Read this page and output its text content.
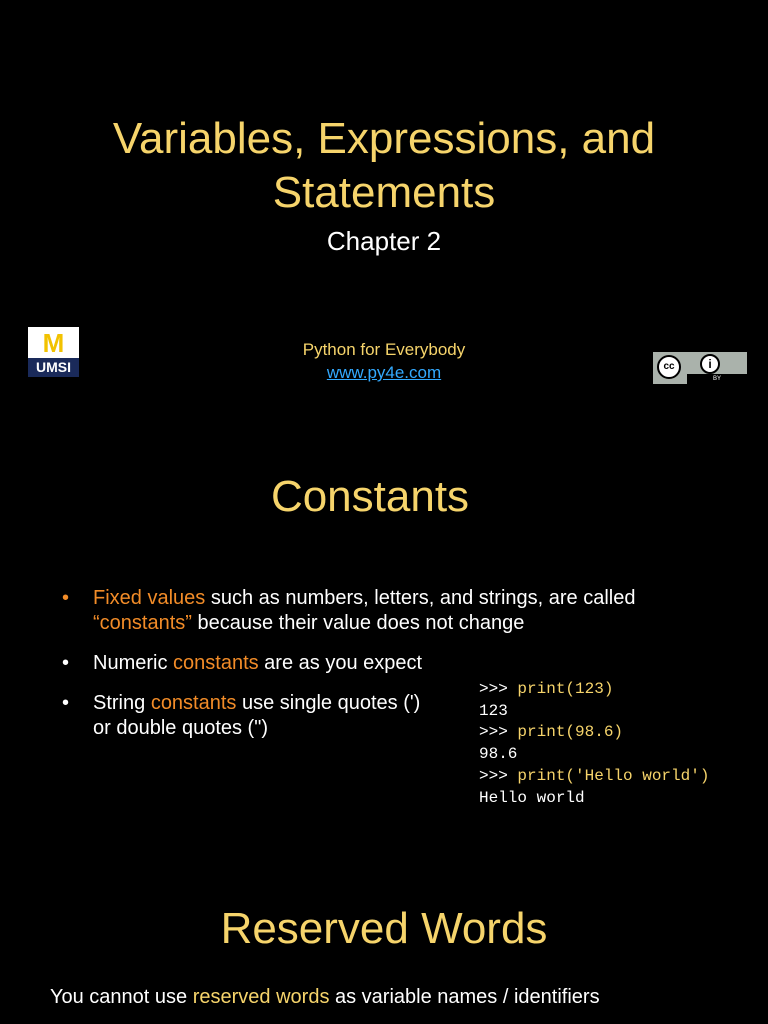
Variables, Expressions, and
Statements
Chapter 2
M
UMSI
Python for Everybody
www.py4e.com	cc	i
BY
Constants
• Fixed values such as numbers, letters, and strings, are called “constants” because their value does not change
• Numeric constants are as you expect
• String constants use single quotes (')
or double quotes (")
>>> print(123)
123
>>> print(98.6)
98.6
>>> print('Hello world')
Hello world
Reserved Words
You cannot use reserved words as variable names / identifiers
